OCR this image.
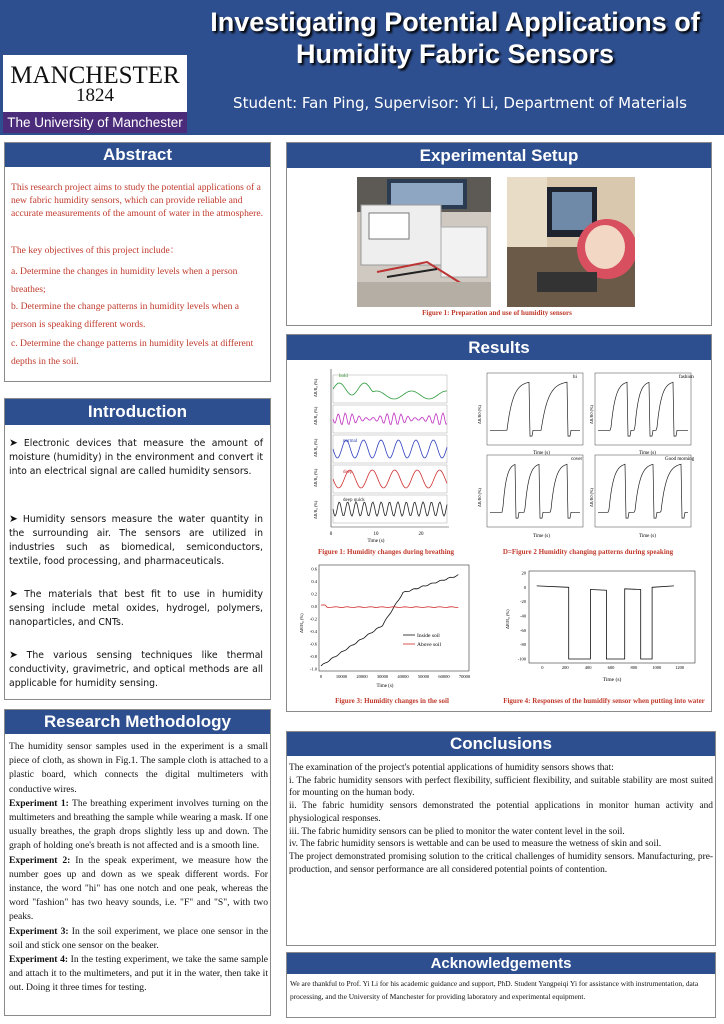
Investigating Potential Applications of Humidity Fabric Sensors
MANCHESTER
1824
The University of Manchester
Student: Fan Ping, Supervisor: Yi Li, Department of Materials
Abstract
This research project aims to study the potential applications of a new fabric humidity sensors, which can provide reliable and accurate measurements of the amount of water in the atmosphere.
The key objectives of this project include：
a. Determine the changes in humidity levels when a person breathes;
b. Determine the change patterns in humidity levels when a person is speaking different words.
c. Determine the change patterns in humidity levels at different depths in the soil.
Introduction
➤ Electronic devices that measure the amount of moisture (humidity) in the environment and convert it into an electrical signal are called humidity sensors.
➤ Humidity sensors measure the water quantity in the surrounding air. The sensors are utilized in industries such as biomedical, semiconductors, textile, food processing, and pharmaceuticals.
➤ The materials that best fit to use in humidity sensing include metal oxides, hydrogel, polymers, nanoparticles, and CNTs.
➤ The various sensing techniques like thermal conductivity, gravimetric, and optical methods are all applicable for humidity sensing.
Research Methodology
The humidity sensor samples used in the experiment is a small piece of cloth, as shown in Fig.1. The sample cloth is attached to a plastic board, which connects the digital multimeters with conductive wires.
Experiment 1: The breathing experiment involves turning on the multimeters and breathing the sample while wearing a mask. If one usually breathes, the graph drops slightly less up and down. The graph of holding one's breath is not affected and is a smooth line.
Experiment 2: In the speak experiment, we measure how the number goes up and down as we speak different words. For instance, the word "hi" has one notch and one peak, whereas the word "fashion" has two heavy sounds, i.e. "F" and "S", with two peaks.
Experiment 3: In the soil experiment, we place one sensor in the soil and stick one sensor on the beaker.
Experiment 4: In the testing experiment, we take the same sample and attach it to the multimeters, and put it in the water, then take it out. Doing it three times for testing.
Experimental Setup
Figure 1: Preparation and use of humidity sensors
Results
0	10	20
Time (s)
hold
normal
deep
deep quick
ΔR/R₀ (%)
ΔR/R₀ (%)
ΔR/R₀ (%)
ΔR/R₀ (%)
ΔR/R₀ (%)
Figure 1: Humidity changes during breathing
hi	fashion
cover	Good morning
Time (s)	Time (s)
Time (s)	Time (s)
ΔR/R0 (%)	ΔR/R0 (%)
ΔR/R0 (%)	ΔR/R0 (%)
D=Figure 2 Humidity changing patterns during speaking
0.6
0.4
0.2
0.0
-0.2
-0.4
-0.6
-0.8
-1.0
0	10000 20000 30000 40000 50000 60000 70000
Inside soil
Above soil
Time (s)
ΔR/R₀ (%)
Figure 3: Humidity changes in the soil
20
0
-20
-40
-60
-80
-100
0	200	400	600	800	1000	1200
Time (s)
ΔR/R₀ (%)
Figure 4: Responses of the humidify sensor when putting into water
Conclusions
The examination of the project's potential applications of humidity sensors shows that:
i. The fabric humidity sensors with perfect flexibility, sufficient flexibility, and suitable stability are most suited for mounting on the human body.
ii. The fabric humidity sensors demonstrated the potential applications in monitor human activity and physiological responses.
iii. The fabric humidity sensors can be plied to monitor the water content level in the soil.
iv. The fabric humidity sensors is wettable and can be used to measure the wetness of skin and soil.
The project demonstrated promising solution to the critical challenges of humidity sensors. Manufacturing, pre-production, and sensor performance are all considered potential points of contention.
Acknowledgements
We are thankful to Prof. Yi Li for his academic guidance and support, PhD. Student Yangpeiqi Yi for assistance with instrumentation, data processing, and the University of Manchester for providing laboratory and experimental equipment.
